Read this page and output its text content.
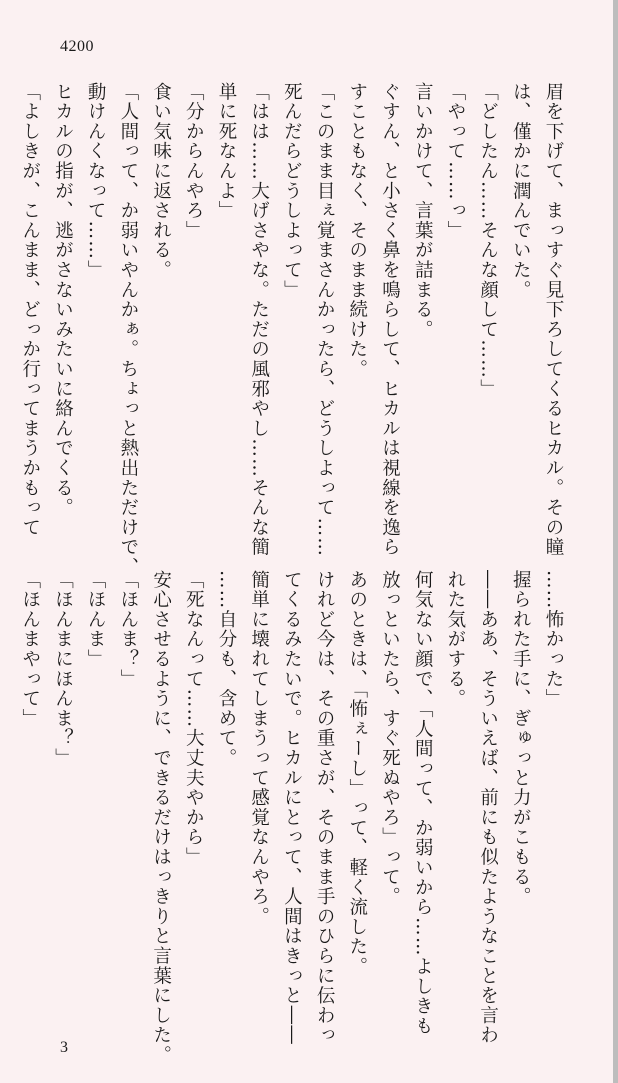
4200
眉を下げて、まっすぐ見下ろしてくるヒカル。その瞳
は、僅かに潤んでいた。
「どしたん……そんな顔して……」
「やって……っ」
言いかけて、言葉が詰まる。
ぐすん、と小さく鼻を鳴らして、ヒカルは視線を逸ら
すこともなく、そのまま続けた。
「このまま目ぇ覚まさんかったら、どうしよって……
死んだらどうしよって」
「はは……大げさやな。ただの風邪やし……そんな簡
単に死なんよ」
「分からんやろ」
食い気味に返される。
「人間って、か弱いやんかぁ。ちょっと熱出ただけで、
動けんくなって……」
ヒカルの指が、逃がさないみたいに絡んでくる。
「よしきが、こんまま、どっか行ってまうかもって
……怖かった」
握られた手に、ぎゅっと力がこもる。
――ああ、そういえば、前にも似たようなことを言わ
れた気がする。
何気ない顔で、「人間って、か弱いから……よしきも
放っといたら、すぐ死ぬやろ」って。
あのときは、「怖ぇーし」って、軽く流した。
けれど今は、その重さが、そのまま手のひらに伝わっ
てくるみたいで。ヒカルにとって、人間はきっと――
簡単に壊れてしまうって感覚なんやろ。
……自分も、含めて。
「死なんって……大丈夫やから」
安心させるように、できるだけはっきりと言葉にした。
「ほんま？」
「ほんま」
「ほんまにほんま？」
「ほんまやって」
3
